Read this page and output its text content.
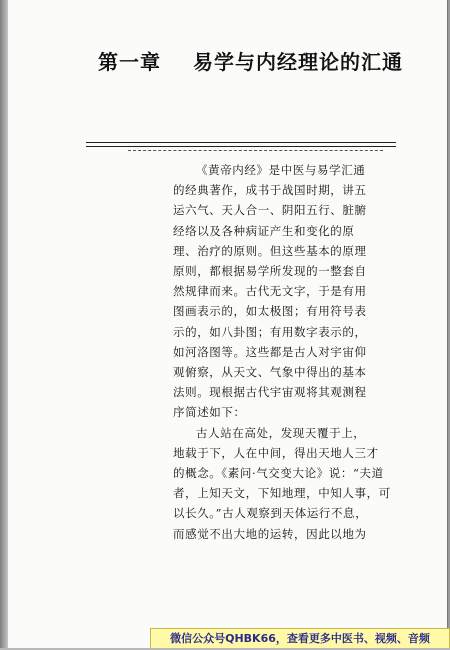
第一章 易学与内经理论的汇通

《黄帝内经》是中医与易学汇通
的经典著作，成书于战国时期，讲五
运六气、天人合一、阴阳五行、脏腑
经络以及各种病证产生和变化的原
理、治疗的原则。但这些基本的原理
原则，都根据易学所发现的一整套自
然规律而来。古代无文字，于是有用
图画表示的，如太极图；有用符号表
示的，如八卦图；有用数字表示的，
如河洛图等。这些都是古人对宇宙仰
观俯察，从天文、气象中得出的基本
法则。现根据古代宇宙观将其观测程
序简述如下：

古人站在高处，发现天覆于上，
地载于下，人在中间，得出天地人三才
的概念。《素问·气交变大论》说：“夫道
者，上知天文，下知地理，中知人事，可
以长久。”古人观察到天体运行不息，
而感觉不出大地的运转，因此以地为

微信公众号QHBK66，查看更多中医书、视频、音频
